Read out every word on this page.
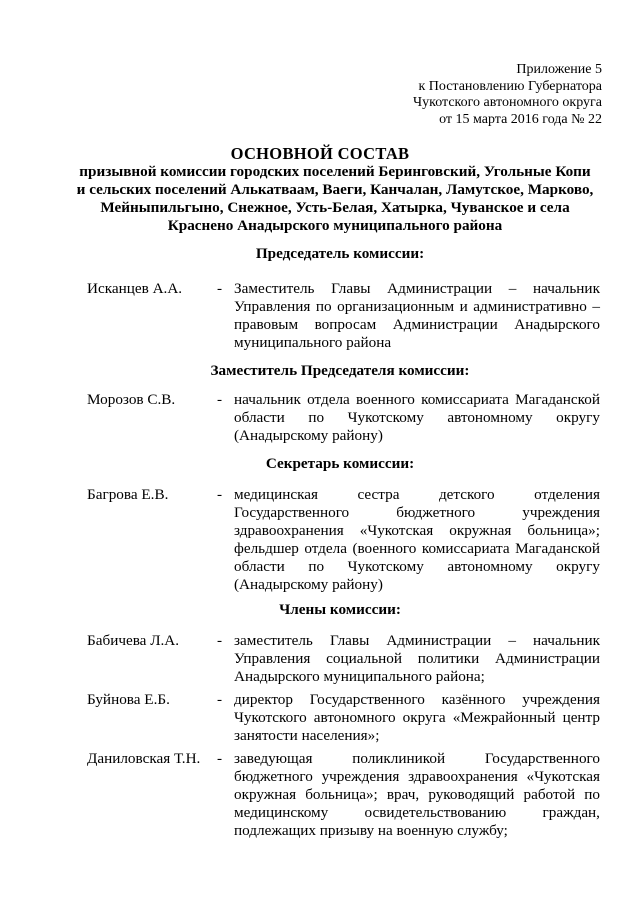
Приложение 5
к Постановлению Губернатора
Чукотского автономного округа
от 15 марта 2016 года № 22
ОСНОВНОЙ СОСТАВ
призывной комиссии городских поселений Беринговский, Угольные Копи
и сельских поселений Алькатваам, Ваеги, Канчалан, Ламутское, Марково,
Мейныпильгыно, Снежное, Усть-Белая, Хатырка, Чуванское и села
Краснено Анадырского муниципального района
Председатель комиссии:
Исканцев А.А. - Заместитель Главы Администрации – начальник
Управления по организационным и административно –
правовым вопросам Администрации Анадырского
муниципального района
Заместитель Председателя комиссии:
Морозов С.В.	- начальник отдела военного комиссариата Магаданской
области по Чукотскому автономному округу
(Анадырскому району)
Секретарь комиссии:
Багрова Е.В.	- медицинская	сестра	детского	отделения
Государственного	бюджетного	учреждения
здравоохранения «Чукотская окружная больница»;
фельдшер отдела (военного комиссариата Магаданской
области по Чукотскому автономному округу
(Анадырскому району)
Члены комиссии:
Бабичева Л.А. - заместитель Главы Администрации – начальник
Управления социальной политики Администрации
Анадырского муниципального района;
Буйнова Е.Б.	- директор Государственного казённого учреждения
Чукотского автономного округа «Межрайонный центр
занятости населения»;
Даниловская Т.Н. - заведующая	поликлиникой	Государственного
бюджетного учреждения здравоохранения «Чукотская
окружная больница»; врач, руководящий работой по
медицинскому освидетельствованию граждан,
подлежащих призыву на военную службу;
